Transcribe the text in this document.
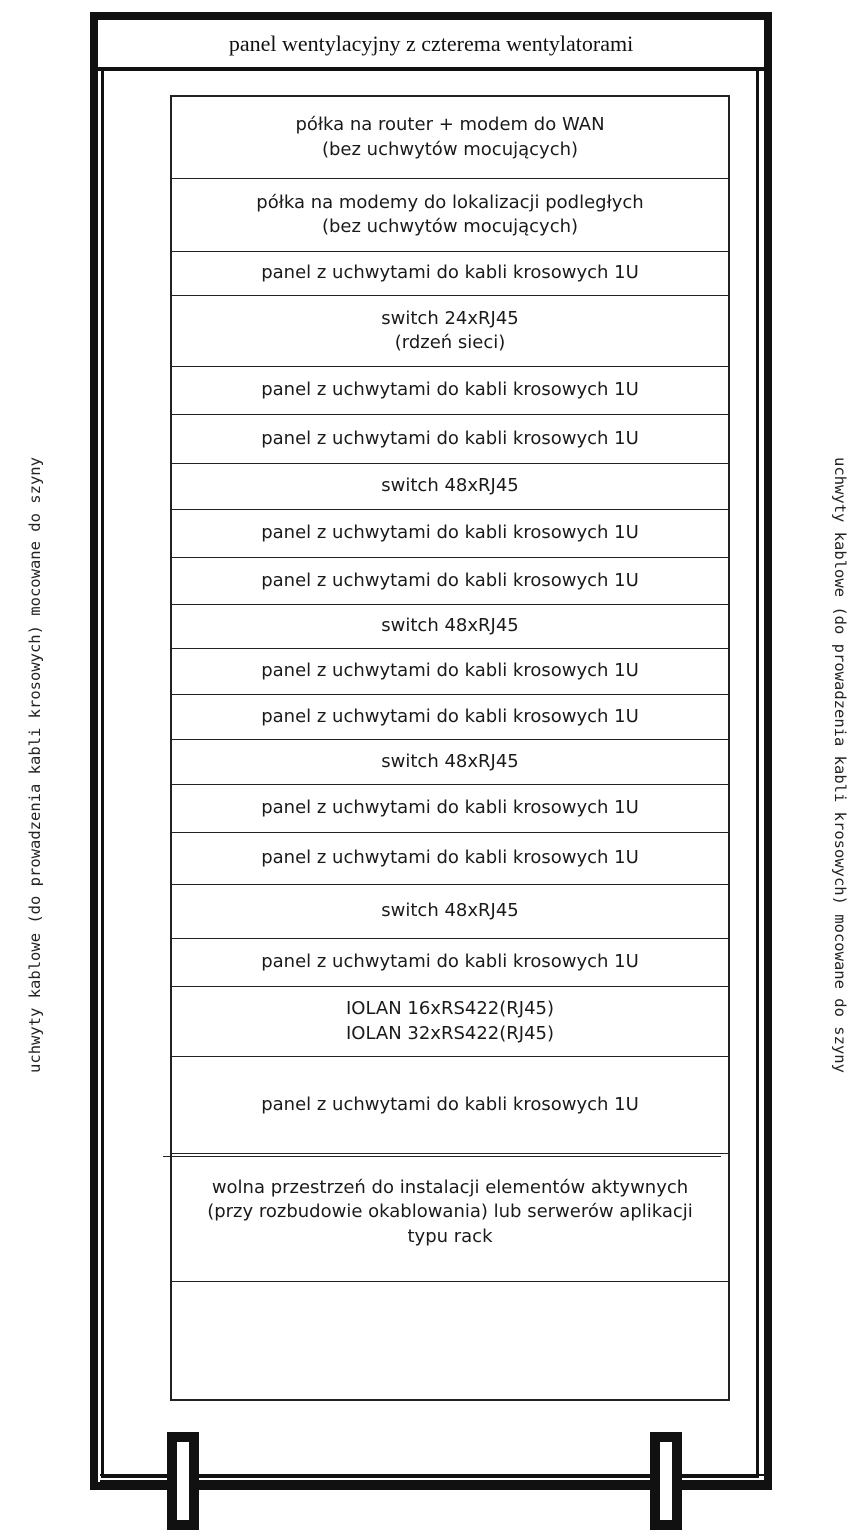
panel wentylacyjny z czterema wentylatorami
półka na router + modem do WAN
(bez uchwytów mocujących)
półka na modemy do lokalizacji podległych
(bez uchwytów mocujących)
panel z uchwytami do kabli krosowych 1U
switch 24xRJ45
(rdzeń sieci)
panel z uchwytami do kabli krosowych 1U
panel z uchwytami do kabli krosowych 1U
switch 48xRJ45
panel z uchwytami do kabli krosowych 1U
panel z uchwytami do kabli krosowych 1U
switch 48xRJ45
panel z uchwytami do kabli krosowych 1U
panel z uchwytami do kabli krosowych 1U
switch 48xRJ45
panel z uchwytami do kabli krosowych 1U
panel z uchwytami do kabli krosowych 1U
switch 48xRJ45
panel z uchwytami do kabli krosowych 1U
IOLAN 16xRS422(RJ45)
IOLAN 32xRS422(RJ45)
panel z uchwytami do kabli krosowych 1U
wolna przestrzeń do instalacji elementów aktywnych
(przy rozbudowie okablowania) lub serwerów aplikacji
typu rack
uchwyty kablowe (do prowadzenia kabli krosowych) mocowane do szyny	uchwyty kablowe (do prowadzenia kabli krosowych) mocowane do szyny
